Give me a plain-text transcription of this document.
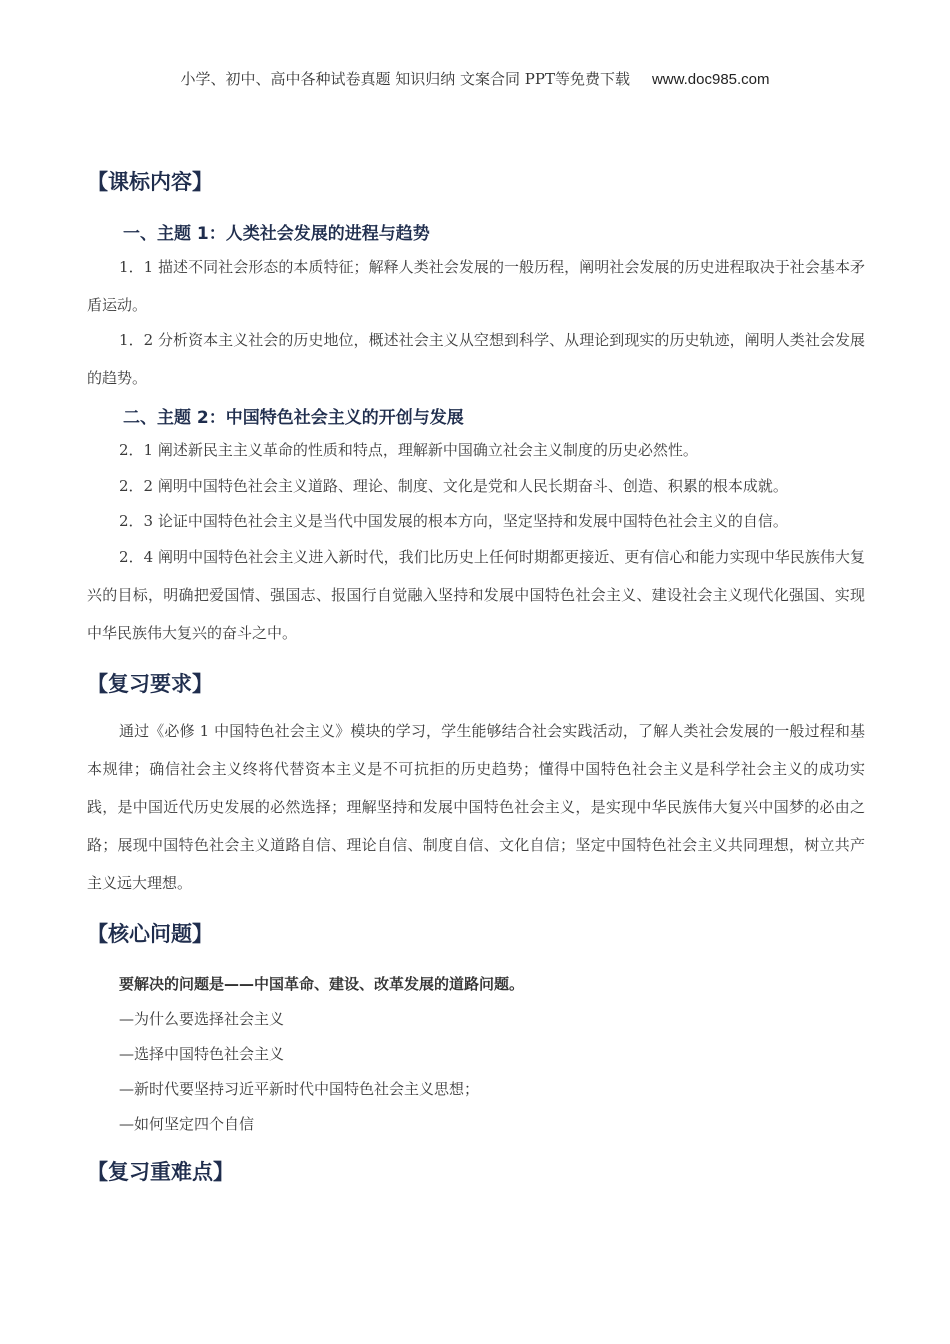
小学、初中、高中各种试卷真题 知识归纳 文案合同 PPT等免费下载 www.doc985.com
【课标内容】
一、主题 1：人类社会发展的进程与趋势

1．1 描述不同社会形态的本质特征；解释人类社会发展的一般历程，阐明社会发展的历史进程取决于社会基本矛盾运动。

1．2 分析资本主义社会的历史地位，概述社会主义从空想到科学、从理论到现实的历史轨迹，阐明人类社会发展的趋势。

二、主题 2：中国特色社会主义的开创与发展

2．1 阐述新民主主义革命的性质和特点，理解新中国确立社会主义制度的历史必然性。

2．2 阐明中国特色社会主义道路、理论、制度、文化是党和人民长期奋斗、创造、积累的根本成就。

2．3 论证中国特色社会主义是当代中国发展的根本方向，坚定坚持和发展中国特色社会主义的自信。

2．4 阐明中国特色社会主义进入新时代，我们比历史上任何时期都更接近、更有信心和能力实现中华民族伟大复兴的目标，明确把爱国情、强国志、报国行自觉融入坚持和发展中国特色社会主义、建设社会主义现代化强国、实现中华民族伟大复兴的奋斗之中。

【复习要求】

通过《必修 1 中国特色社会主义》模块的学习，学生能够结合社会实践活动，了解人类社会发展的一般过程和基本规律；确信社会主义终将代替资本主义是不可抗拒的历史趋势；懂得中国特色社会主义是科学社会主义的成功实践，是中国近代历史发展的必然选择；理解坚持和发展中国特色社会主义，是实现中华民族伟大复兴中国梦的必由之路；展现中国特色社会主义道路自信、理论自信、制度自信、文化自信；坚定中国特色社会主义共同理想，树立共产主义远大理想。

【核心问题】
要解决的问题是——中国革命、建设、改革发展的道路问题。
—为什么要选择社会主义
—选择中国特色社会主义
—新时代要坚持习近平新时代中国特色社会主义思想；
—如何坚定四个自信
【复习重难点】
